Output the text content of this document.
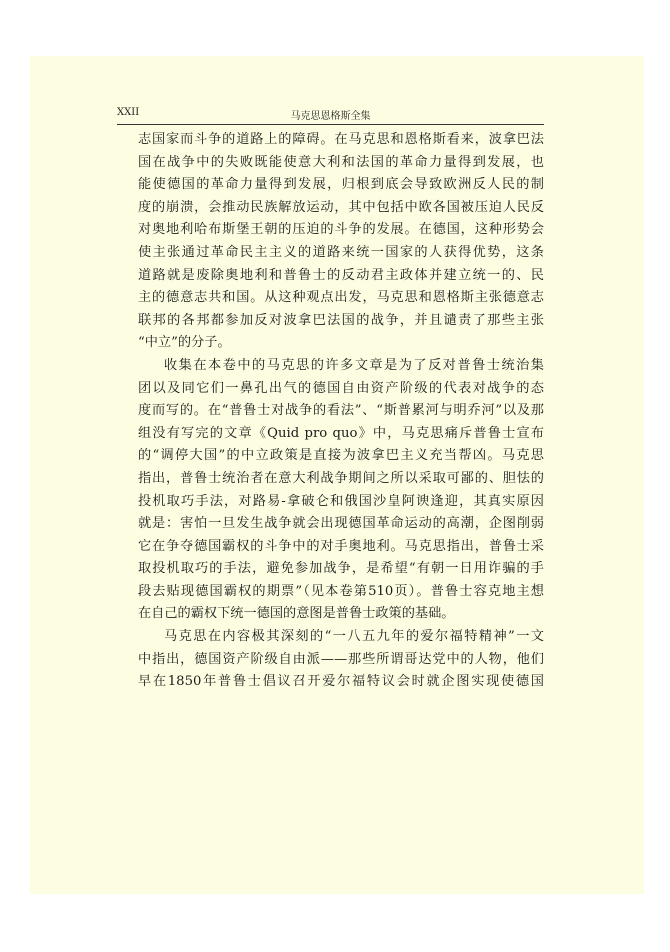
XXII	马克思恩格斯全集
志国家而斗争的道路上的障碍。在马克思和恩格斯看来，波拿巴法
国在战争中的失败既能使意大利和法国的革命力量得到发展，也
能使德国的革命力量得到发展，归根到底会导致欧洲反人民的制
度的崩溃，会推动民族解放运动，其中包括中欧各国被压迫人民反
对奥地利哈布斯堡王朝的压迫的斗争的发展。在德国，这种形势会
使主张通过革命民主主义的道路来统一国家的人获得优势，这条
道路就是废除奥地利和普鲁士的反动君主政体并建立统一的、民
主的德意志共和国。从这种观点出发，马克思和恩格斯主张德意志
联邦的各邦都参加反对波拿巴法国的战争，并且谴责了那些主张
“中立”的分子。
收集在本卷中的马克思的许多文章是为了反对普鲁士统治集
团以及同它们一鼻孔出气的德国自由资产阶级的代表对战争的态
度而写的。在“普鲁士对战争的看法”、“斯普累河与明乔河”以及那
组没有写完的文章《Quid pro quo》中，马克思痛斥普鲁士宣布
的“调停大国”的中立政策是直接为波拿巴主义充当帮凶。马克思
指出，普鲁士统治者在意大利战争期间之所以采取可鄙的、胆怯的
投机取巧手法，对路易-拿破仑和俄国沙皇阿谀逢迎，其真实原因
就是：害怕一旦发生战争就会出现德国革命运动的高潮，企图削弱
它在争夺德国霸权的斗争中的对手奥地利。马克思指出，普鲁士采
取投机取巧的手法，避免参加战争，是希望“有朝一日用诈骗的手
段去贴现德国霸权的期票”（见本卷第510页）。普鲁士容克地主想
在自己的霸权下统一德国的意图是普鲁士政策的基础。
马克思在内容极其深刻的“一八五九年的爱尔福特精神”一文
中指出，德国资产阶级自由派——那些所谓哥达党中的人物，他们
早在1850年普鲁士倡议召开爱尔福特议会时就企图实现使德国
